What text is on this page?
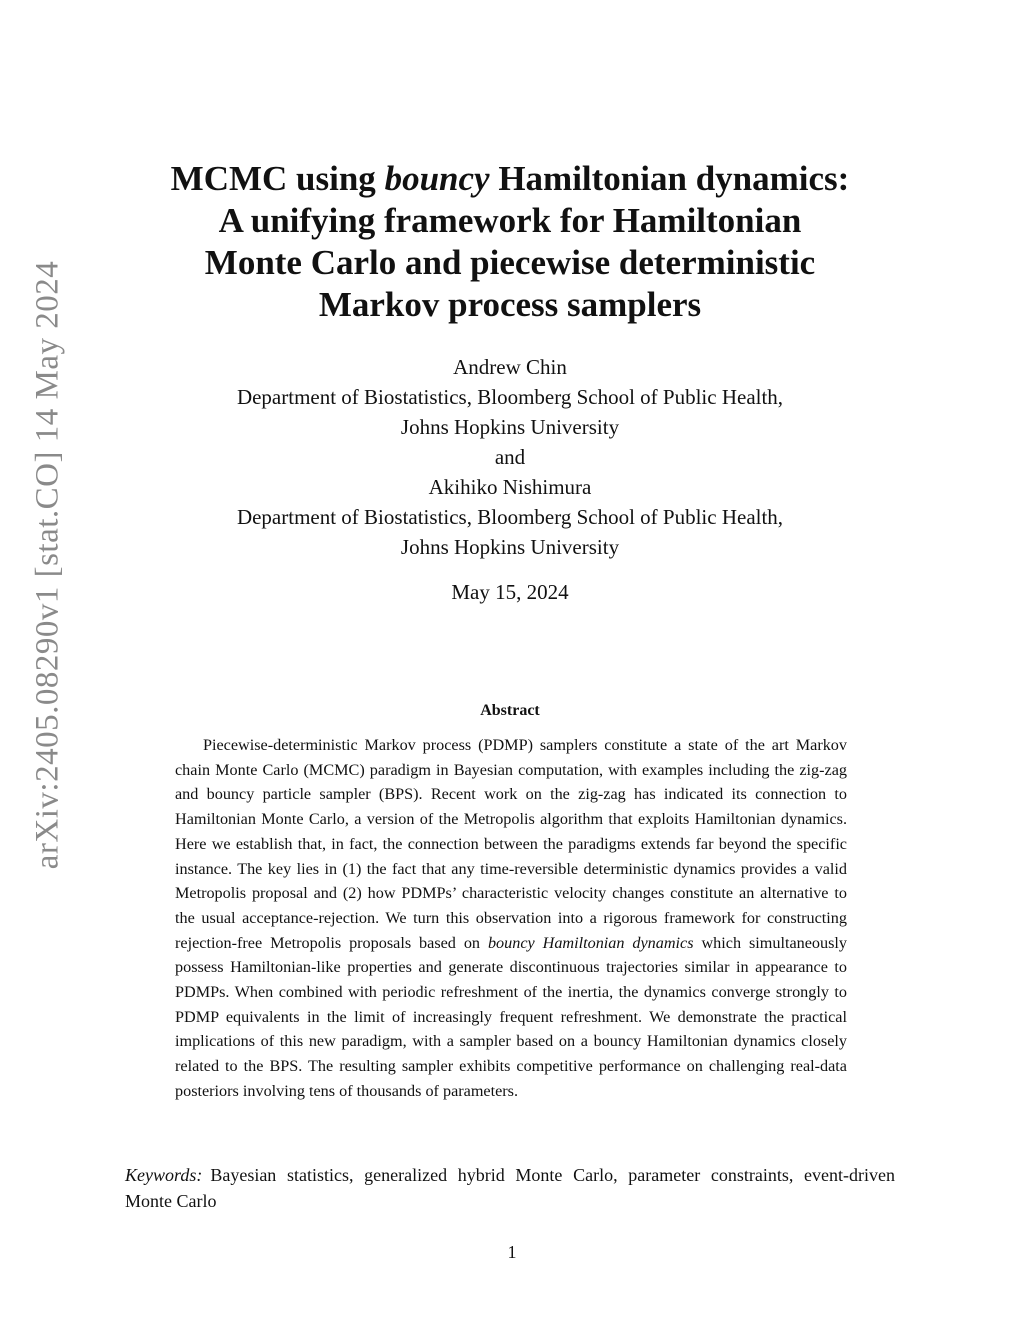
arXiv:2405.08290v1 [stat.CO] 14 May 2024
MCMC using bouncy Hamiltonian dynamics:
A unifying framework for Hamiltonian
Monte Carlo and piecewise deterministic
Markov process samplers
Andrew Chin
Department of Biostatistics, Bloomberg School of Public Health,
Johns Hopkins University
and
Akihiko Nishimura
Department of Biostatistics, Bloomberg School of Public Health,
Johns Hopkins University
May 15, 2024
Abstract
Piecewise-deterministic Markov process (PDMP) samplers constitute a state of the art Markov chain Monte Carlo (MCMC) paradigm in Bayesian computation, with examples including the zig-zag and bouncy particle sampler (BPS). Recent work on the zig-zag has indicated its connection to Hamiltonian Monte Carlo, a version of the Metropolis algorithm that exploits Hamiltonian dynamics. Here we establish that, in fact, the connection between the paradigms extends far beyond the specific instance. The key lies in (1) the fact that any time-reversible deterministic dynamics provides a valid Metropolis proposal and (2) how PDMPs’ characteristic velocity changes constitute an alternative to the usual acceptance-rejection. We turn this observation into a rigorous framework for constructing rejection-free Metropolis proposals based on bouncy Hamiltonian dynamics which simultaneously possess Hamiltonian-like properties and generate discontinuous trajectories similar in appearance to PDMPs. When combined with periodic refreshment of the inertia, the dynamics converge strongly to PDMP equivalents in the limit of increasingly frequent refreshment. We demonstrate the practical implications of this new paradigm, with a sampler based on a bouncy Hamiltonian dynamics closely related to the BPS. The resulting sampler exhibits competitive performance on challenging real-data posteriors involving tens of thousands of parameters.
Keywords: Bayesian statistics, generalized hybrid Monte Carlo, parameter constraints, event-driven Monte Carlo
1
